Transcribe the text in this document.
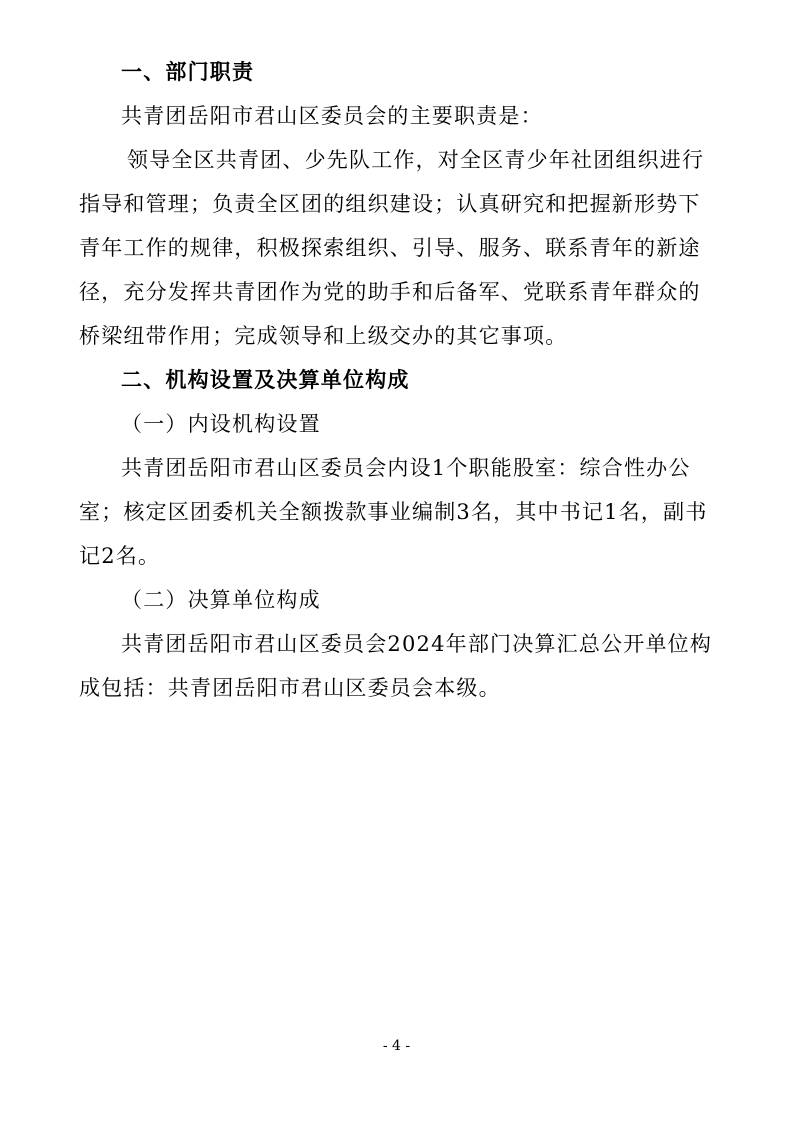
一、部门职责

共青团岳阳市君山区委员会的主要职责是：

领导全区共青团、少先队工作，对全区青少年社团组织进行指导和管理；负责全区团的组织建设；认真研究和把握新形势下青年工作的规律，积极探索组织、引导、服务、联系青年的新途径，充分发挥共青团作为党的助手和后备军、党联系青年群众的桥梁纽带作用；完成领导和上级交办的其它事项。

二、机构设置及决算单位构成

（一）内设机构设置

共青团岳阳市君山区委员会内设1个职能股室：综合性办公室；核定区团委机关全额拨款事业编制3名，其中书记1名，副书记2名。

（二）决算单位构成

共青团岳阳市君山区委员会2024年部门决算汇总公开单位构成包括：共青团岳阳市君山区委员会本级。

- 4 -
